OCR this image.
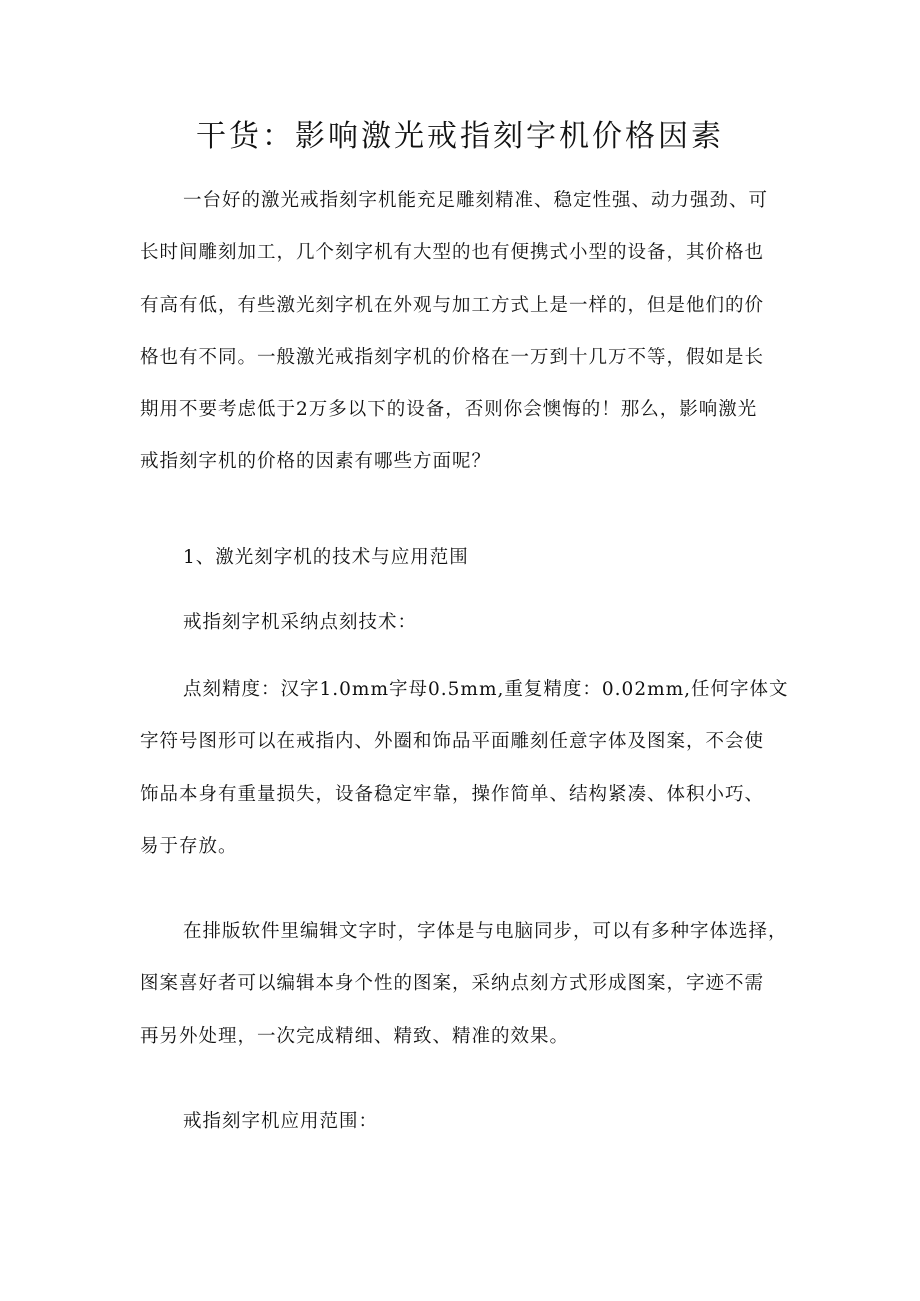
干货：影响激光戒指刻字机价格因素
一台好的激光戒指刻字机能充足雕刻精准、稳定性强、动力强劲、可
长时间雕刻加工，几个刻字机有大型的也有便携式小型的设备，其价格也
有高有低，有些激光刻字机在外观与加工方式上是一样的，但是他们的价
格也有不同。一般激光戒指刻字机的价格在一万到十几万不等，假如是长
期用不要考虑低于2万多以下的设备，否则你会懊悔的！那么，影响激光
戒指刻字机的价格的因素有哪些方面呢？
1、激光刻字机的技术与应用范围
戒指刻字机采纳点刻技术：
点刻精度：汉字1.0mm字母0.5mm,重复精度：0.02mm,任何字体文
字符号图形可以在戒指内、外圈和饰品平面雕刻任意字体及图案，不会使
饰品本身有重量损失，设备稳定牢靠，操作简单、结构紧凑、体积小巧、
易于存放。
在排版软件里编辑文字时，字体是与电脑同步，可以有多种字体选择，
图案喜好者可以编辑本身个性的图案，采纳点刻方式形成图案，字迹不需
再另外处理，一次完成精细、精致、精准的效果。
戒指刻字机应用范围：
